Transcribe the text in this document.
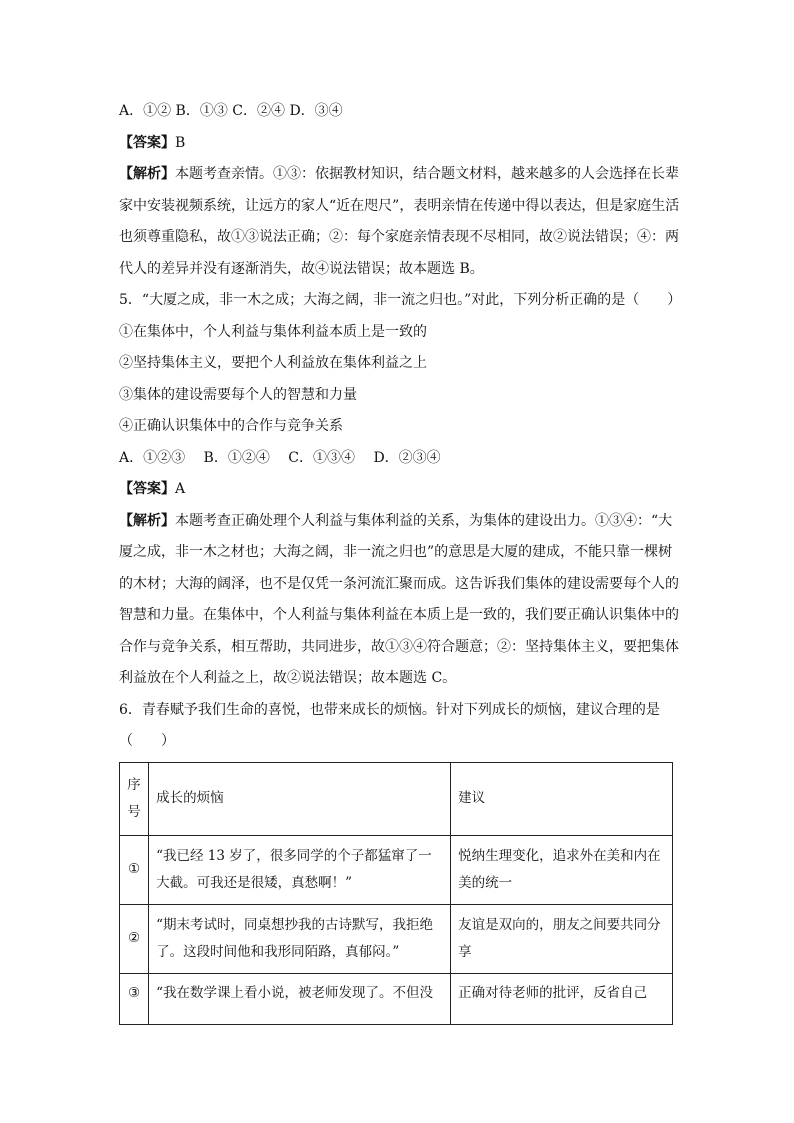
A．①② B．①③ C．②④ D．③④
【答案】B
【解析】本题考查亲情。①③：依据教材知识，结合题文材料，越来越多的人会选择在长辈
家中安装视频系统，让远方的家人“近在咫尺”，表明亲情在传递中得以表达，但是家庭生活
也须尊重隐私，故①③说法正确；②：每个家庭亲情表现不尽相同，故②说法错误；④：两
代人的差异并没有逐渐消失，故④说法错误；故本题选 B。
5．“大厦之成，非一木之成；大海之阔，非一流之归也。”对此，下列分析正确的是（　　）
①在集体中，个人利益与集体利益本质上是一致的
②坚持集体主义，要把个人利益放在集体利益之上
③集体的建设需要每个人的智慧和力量
④正确认识集体中的合作与竞争关系
A．①②③　 B．①②④　 C．①③④　 D．②③④
【答案】A
【解析】本题考查正确处理个人利益与集体利益的关系，为集体的建设出力。①③④：“大
厦之成，非一木之材也；大海之阔，非一流之归也”的意思是大厦的建成，不能只靠一棵树
的木材；大海的阔泽，也不是仅凭一条河流汇聚而成。这告诉我们集体的建设需要每个人的
智慧和力量。在集体中，个人利益与集体利益在本质上是一致的，我们要正确认识集体中的
合作与竞争关系，相互帮助，共同进步，故①③④符合题意；②：坚持集体主义，要把集体
利益放在个人利益之上，故②说法错误；故本题选 C。
6．青春赋予我们生命的喜悦，也带来成长的烦恼。针对下列成长的烦恼，建议合理的是
（　　）
序号	成长的烦恼	建议
①	“我已经 13 岁了，很多同学的个子都猛窜了一大截。可我还是很矮，真愁啊！”	悦纳生理变化，追求外在美和内在美的统一
②	“期末考试时，同桌想抄我的古诗默写，我拒绝了。这段时间他和我形同陌路，真郁闷。”	友谊是双向的，朋友之间要共同分享
③	“我在数学课上看小说，被老师发现了。不但没	正确对待老师的批评，反省自己
